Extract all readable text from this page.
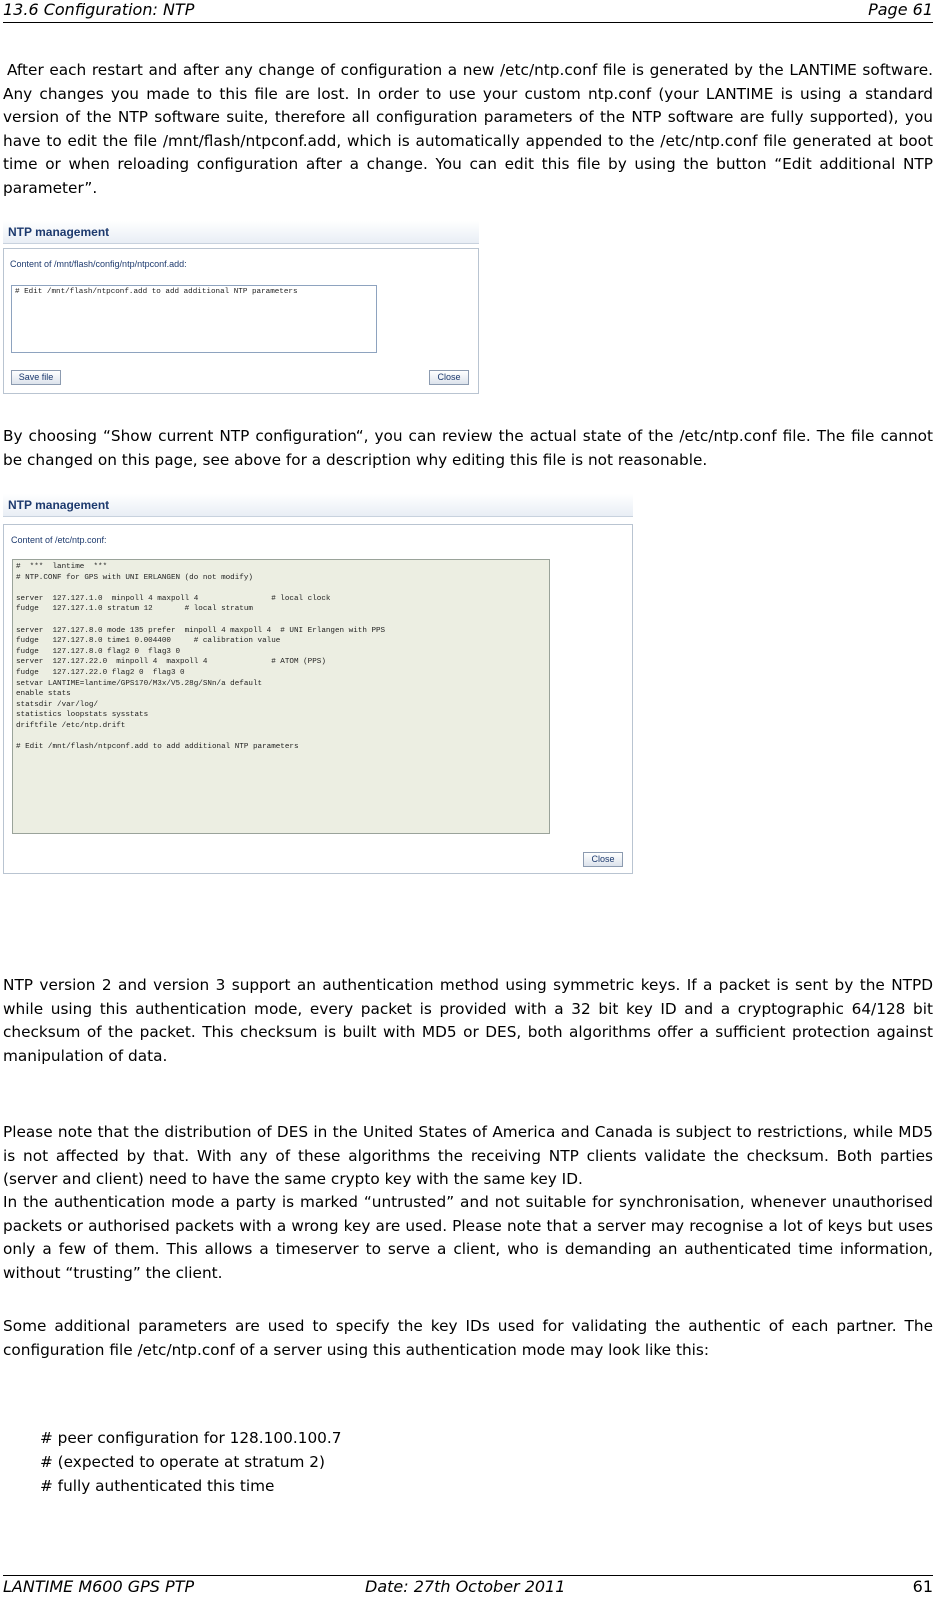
13.6 Configuration: NTP	Page 61

After each restart and after any change of configuration a new /etc/ntp.conf file is generated by the LANTIME software. Any changes you made to this file are lost. In order to use your custom ntp.conf (your LANTIME is using a standard version of the NTP software suite, therefore all configuration parameters of the NTP software are fully supported), you have to edit the file /mnt/flash/ntpconf.add, which is automatically appended to the /etc/ntp.conf file generated at boot time or when reloading configuration after a change. You can edit this file by using the button “Edit additional NTP parameter”.

NTP management
Content of /mnt/flash/config/ntp/ntpconf.add:
# Edit /mnt/flash/ntpconf.add to add additional NTP parameters
Save file	Close

By choosing “Show current NTP configuration“, you can review the actual state of the /etc/ntp.conf file. The file cannot be changed on this page, see above for a description why editing this file is not reasonable.

NTP management
Content of /etc/ntp.conf:
#  ***  lantime  ***
# NTP.CONF for GPS with UNI ERLANGEN (do not modify)

server  127.127.1.0  minpoll 4 maxpoll 4                # local clock
fudge   127.127.1.0 stratum 12       # local stratum

server  127.127.8.0 mode 135 prefer  minpoll 4 maxpoll 4  # UNI Erlangen with PPS
fudge   127.127.8.0 time1 0.004400     # calibration value
fudge   127.127.8.0 flag2 0  flag3 0
server  127.127.22.0  minpoll 4  maxpoll 4              # ATOM (PPS)
fudge   127.127.22.0 flag2 0  flag3 0
setvar LANTIME=lantime/GPS170/M3x/V5.28g/SNn/a default
enable stats
statsdir /var/log/
statistics loopstats sysstats
driftfile /etc/ntp.drift

# Edit /mnt/flash/ntpconf.add to add additional NTP parameters
Close

NTP version 2 and version 3 support an authentication method using symmetric keys. If a packet is sent by the NTPD while using this authentication mode, every packet is provided with a 32 bit key ID and a cryptographic 64/128 bit checksum of the packet. This checksum is built with MD5 or DES, both algorithms offer a sufficient protection against manipulation of data.

Please note that the distribution of DES in the United States of America and Canada is subject to restrictions, while MD5 is not affected by that. With any of these algorithms the receiving NTP clients validate the checksum. Both parties (server and client) need to have the same crypto key with the same key ID.

In the authentication mode a party is marked “untrusted” and not suitable for synchronisation, whenever unauthorised packets or authorised packets with a wrong key are used. Please note that a server may recognise a lot of keys but uses only a few of them. This allows a timeserver to serve a client, who is demanding an authenticated time information, without “trusting” the client.

Some additional parameters are used to specify the key IDs used for validating the authentic of each partner. The configuration file /etc/ntp.conf of a server using this authentication mode may look like this:

# peer configuration for 128.100.100.7
# (expected to operate at stratum 2)
# fully authenticated this time
LANTIME M600 GPS PTP	Date: 27th October 2011	61
